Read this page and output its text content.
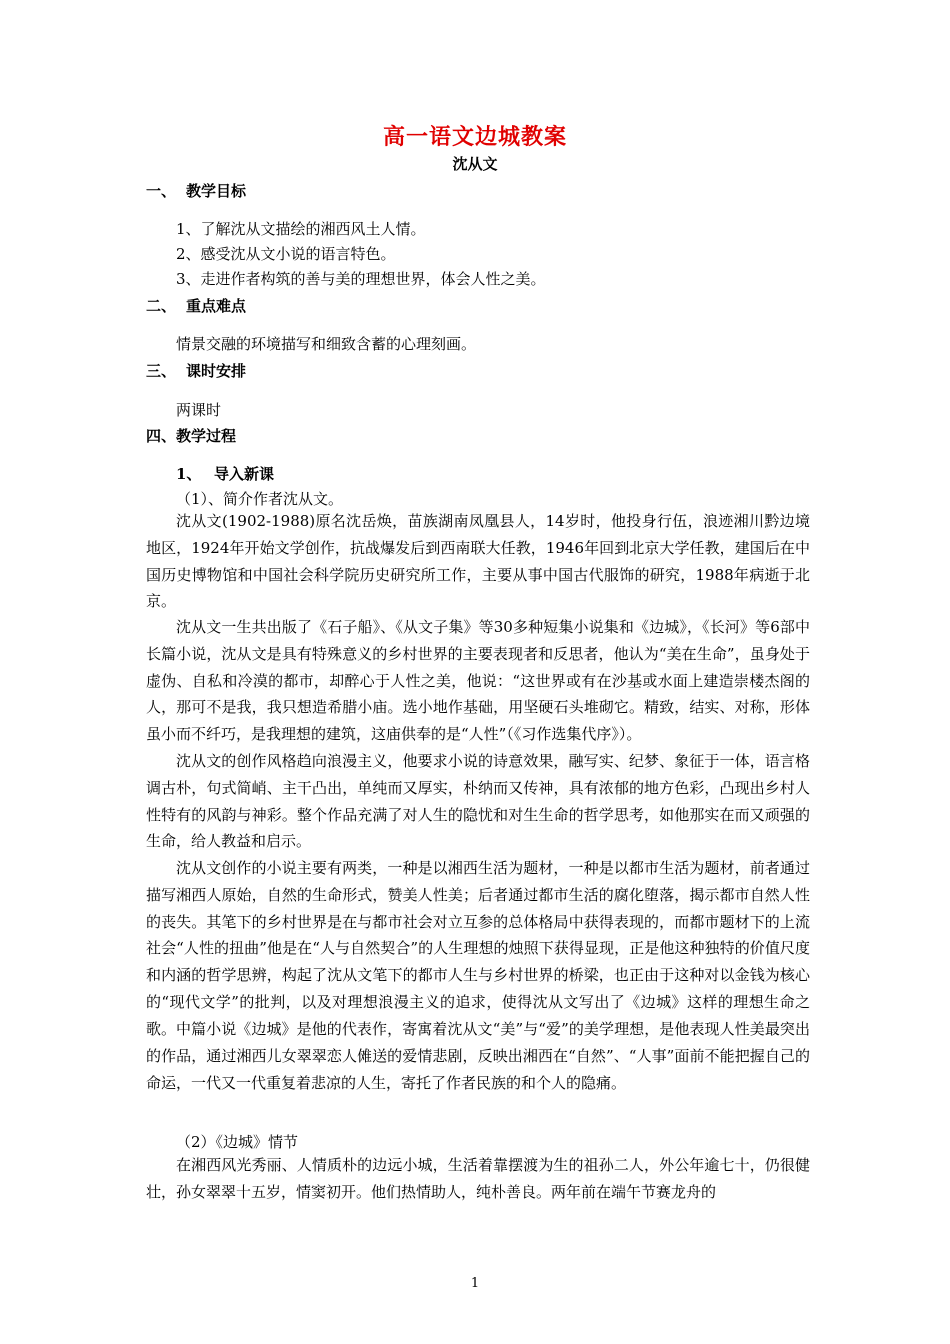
高一语文边城教案
沈从文
一、 教学目标
1、了解沈从文描绘的湘西风土人情。
2、感受沈从文小说的语言特色。
3、走进作者构筑的善与美的理想世界，体会人性之美。
二、 重点难点
情景交融的环境描写和细致含蓄的心理刻画。
三、 课时安排
两课时
四、教学过程
1、 导入新课
（1）、简介作者沈从文。
沈从文(1902-1988)原名沈岳焕，苗族湖南凤凰县人，14岁时，他投身行伍，浪迹湘川黔边境地区，1924年开始文学创作，抗战爆发后到西南联大任教，1946年回到北京大学任教，建国后在中国历史博物馆和中国社会科学院历史研究所工作，主要从事中国古代服饰的研究，1988年病逝于北京。
沈从文一生共出版了《石子船》、《从文子集》等30多种短集小说集和《边城》，《长河》等6部中长篇小说，沈从文是具有特殊意义的乡村世界的主要表现者和反思者，他认为“美在生命”，虽身处于虚伪、自私和冷漠的都市，却醉心于人性之美，他说：“这世界或有在沙基或水面上建造崇楼杰阁的人，那可不是我，我只想造希腊小庙。选小地作基础，用坚硬石头堆砌它。精致，结实、对称，形体虽小而不纤巧，是我理想的建筑，这庙供奉的是“人性”（《习作选集代序》）。
沈从文的创作风格趋向浪漫主义，他要求小说的诗意效果，融写实、纪梦、象征于一体，语言格调古朴，句式简峭、主干凸出，单纯而又厚实，朴纳而又传神，具有浓郁的地方色彩，凸现出乡村人性特有的风韵与神彩。整个作品充满了对人生的隐忧和对生生命的哲学思考，如他那实在而又顽强的生命，给人教益和启示。
沈从文创作的小说主要有两类，一种是以湘西生活为题材，一种是以都市生活为题材，前者通过描写湘西人原始，自然的生命形式，赞美人性美；后者通过都市生活的腐化堕落，揭示都市自然人性的丧失。其笔下的乡村世界是在与都市社会对立互参的总体格局中获得表现的，而都市题材下的上流社会“人性的扭曲”他是在“人与自然契合”的人生理想的烛照下获得显现，正是他这种独特的价值尺度和内涵的哲学思辨，构起了沈从文笔下的都市人生与乡村世界的桥梁，也正由于这种对以金钱为核心的“现代文学”的批判，以及对理想浪漫主义的追求，使得沈从文写出了《边城》这样的理想生命之歌。 中篇小说《边城》是他的代表作，寄寓着沈从文“美”与“爱”的美学理想，是他表现人性美最突出的作品，通过湘西儿女翠翠恋人傩送的爱情悲剧，反映出湘西在“自然”、“人事”面前不能把握自己的命运，一代又一代重复着悲凉的人生，寄托了作者民族的和个人的隐痛。
（2）《边城》情节
在湘西风光秀丽、人情质朴的边远小城，生活着靠摆渡为生的祖孙二人，外公年逾七十，仍很健壮，孙女翠翠十五岁，情窦初开。他们热情助人，纯朴善良。两年前在端午节赛龙舟的
1
